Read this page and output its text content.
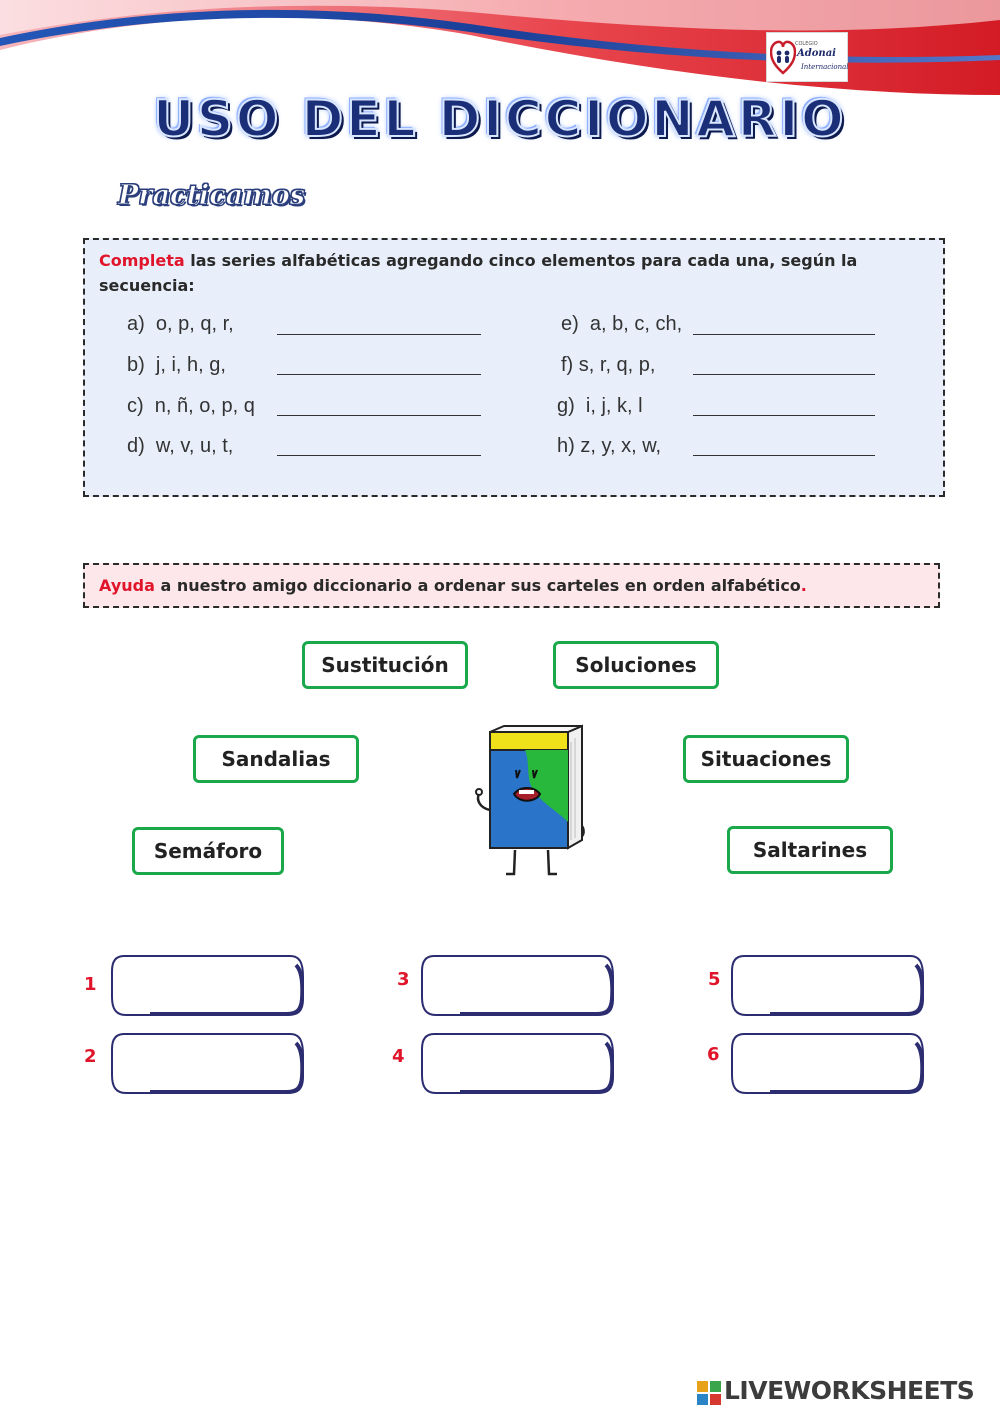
COLEGIO
Adonai
Internacional
USO DEL DICCIONARIO
Practicamos
Completa las series alfabéticas agregando cinco elementos para cada una, según la secuencia:
a)  o, p, q, r,
b)  j, i, h, g,
c)  n, ñ, o, p, q
d)  w, v, u, t,
e)  a, b, c, ch,
f) s, r, q, p,
g)  i, j, k, l
h) z, y, x, w,
Ayuda a nuestro amigo diccionario a ordenar sus carteles en orden alfabético.
Sustitución	Soluciones
Sandalias	Situaciones
Semáforo	Saltarines
1
2
3
4
5
6
LIVEWORKSHEETS
